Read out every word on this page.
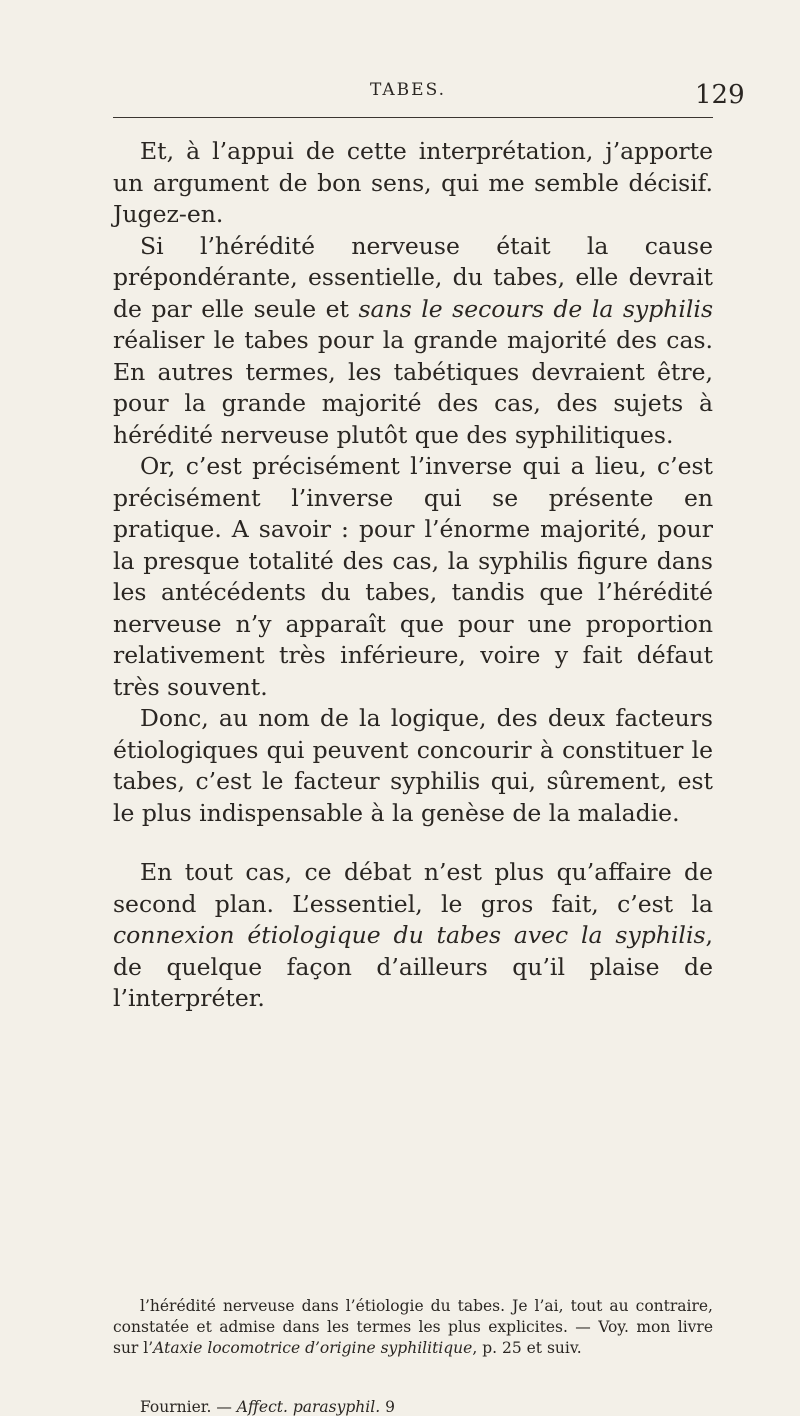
TABES.	129

Et, à l’appui de cette interprétation, j’apporte un argument de bon sens, qui me semble décisif. Jugez-en.

Si l’hérédité nerveuse était la cause prépondérante, essentielle, du tabes, elle devrait de par elle seule et sans le secours de la syphilis réaliser le tabes pour la grande majorité des cas. En autres termes, les tabétiques devraient être, pour la grande majorité des cas, des sujets à hérédité nerveuse plutôt que des syphilitiques.

Or, c’est précisément l’inverse qui a lieu, c’est précisément l’inverse qui se présente en pratique. A savoir : pour l’énorme majorité, pour la presque totalité des cas, la syphilis figure dans les antécédents du tabes, tandis que l’hérédité nerveuse n’y apparaît que pour une proportion relativement très inférieure, voire y fait défaut très souvent.

Donc, au nom de la logique, des deux facteurs étiologiques qui peuvent concourir à constituer le tabes, c’est le facteur syphilis qui, sûrement, est le plus indispensable à la genèse de la maladie.

En tout cas, ce débat n’est plus qu’affaire de second plan. L’essentiel, le gros fait, c’est la connexion étiologique du tabes avec la syphilis, de quelque façon d’ailleurs qu’il plaise de l’interpréter.

l’hérédité nerveuse dans l’étiologie du tabes. Je l’ai, tout au contraire, constatée et admise dans les termes les plus explicites. — Voy. mon livre sur l’Ataxie locomotrice d’origine syphilitique, p. 25 et suiv.

Fournier. — Affect. parasyphil. 9
